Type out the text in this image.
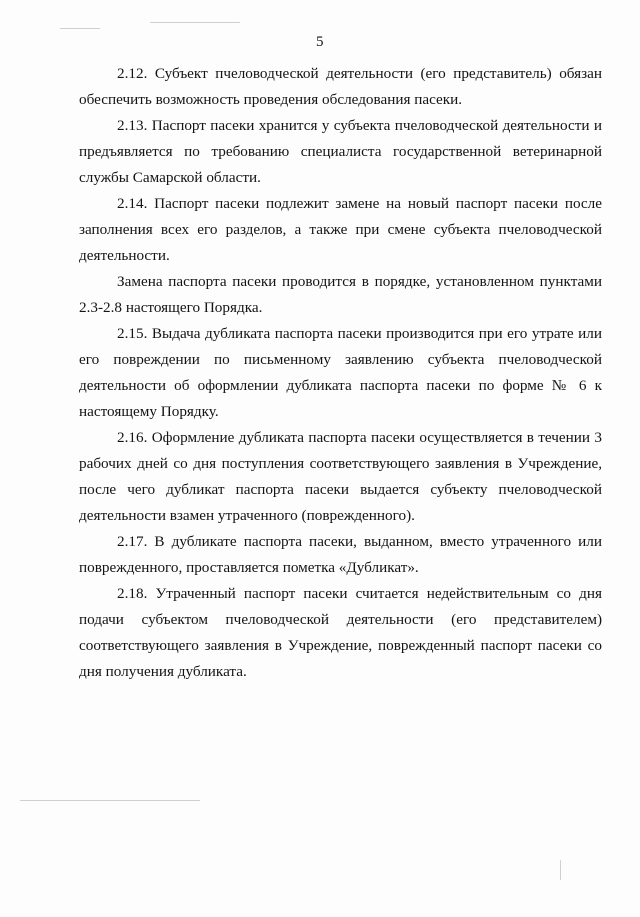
5

2.12. Субъект пчеловодческой деятельности (его представитель) обязан обеспечить возможность проведения обследования пасеки.

2.13. Паспорт пасеки хранится у субъекта пчеловодческой деятельности и предъявляется по требованию специалиста государственной ветеринарной службы Самарской области.

2.14. Паспорт пасеки подлежит замене на новый паспорт пасеки после заполнения всех его разделов, а также при смене субъекта пчеловодческой деятельности.

Замена паспорта пасеки проводится в порядке, установленном пунктами 2.3-2.8 настоящего Порядка.

2.15. Выдача дубликата паспорта пасеки производится при его утрате или его повреждении по письменному заявлению субъекта пчеловодческой деятельности об оформлении дубликата паспорта пасеки по форме № 6 к настоящему Порядку.

2.16. Оформление дубликата паспорта пасеки осуществляется в течении 3 рабочих дней со дня поступления соответствующего заявления в Учреждение, после чего дубликат паспорта пасеки выдается субъекту пчеловодческой деятельности взамен утраченного (поврежденного).

2.17. В дубликате паспорта пасеки, выданном, вместо утраченного или поврежденного, проставляется пометка «Дубликат».

2.18. Утраченный паспорт пасеки считается недействительным со дня подачи субъектом пчеловодческой деятельности (его представителем) соответствующего заявления в Учреждение, поврежденный паспорт пасеки со дня получения дубликата.
